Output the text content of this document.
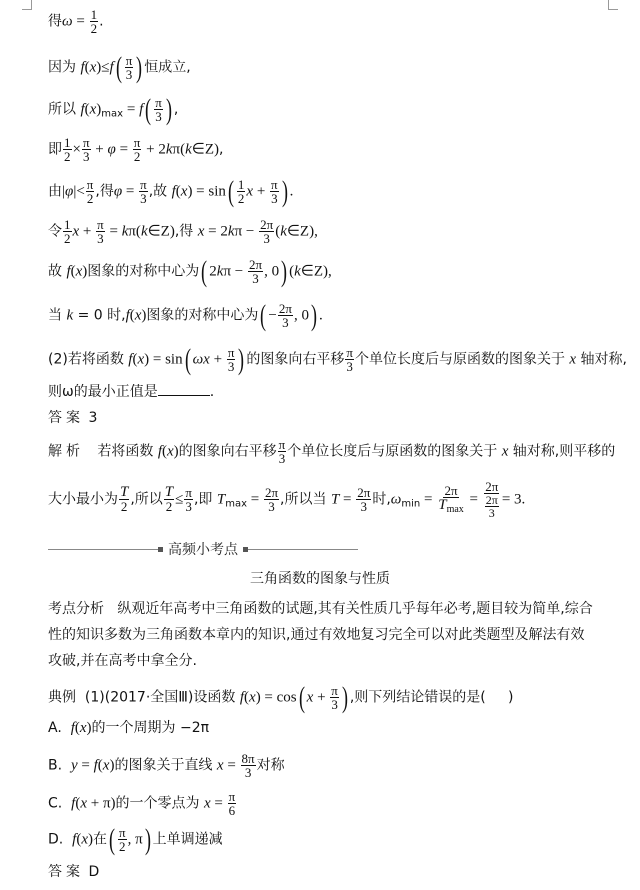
得$\omega = \frac{1}{2}$ .
因为 $f(x)\le f( \frac{\pi}{3}$ ) 恒成立,
所以 $f(x)_{max} = f( \frac{\pi}{3}$ ) ,
即 $\frac{1}{2} \times \frac{\pi}{3} + \varphi = \frac{\pi}{2}$ + 2kπ(k∈Z),
由$|\varphi|< \frac{\pi}{2}$ ,得$\varphi = \frac{\pi}{3}$ ,故 $f(x) = \sin( \frac{1}{2}$ $x + \frac{\pi}{3}$ ) .
令 $\frac{1}{2}$ $x + \frac{\pi}{3}$ = kπ(k∈Z),得 $x = 2k\pi - \frac{2\pi}{3}$ (k∈Z),
故 f(x)图象的对称中心为( $2k\pi - \frac{2\pi}{3}$ , 0) (k∈Z),
当 k = 0 时,f(x)图象的对称中心为( − $\frac{2\pi}{3}$ , 0) .
(2)若将函数 f(x) = sin( $\omega x + \frac{\pi}{3}$ ) 的图象向右平移 $\frac{\pi}{3}$ 个单位长度后与原函数的图象关于 x 轴对称,
则ω的最小正值是	.
答案 3
解析 若将函数 f(x)的图象向右平移 $\frac{\pi}{3}$ 个单位长度后与原函数的图象关于 x 轴对称,则平移的
大小最小为 $\frac{T}{2}$ ,所以 $\frac{T}{2} \le \frac{\pi}{3}$ ,即 $T_{max} = \frac{2\pi}{3}$ ,所以当 $T = \frac{2\pi}{3}$ 时$,\omega_{min} = \frac{2\pi}{T_{max}} = \frac{2\pi}{\frac{2\pi}{3}} = 3$.
高频小考点
三角函数的图象与性质
考点分析 纵观近年高考中三角函数的试题,其有关性质几乎每年必考,题目较为简单,综合性的知识多数为三角函数本章内的知识,通过有效地复习完全可以对此类题型及解法有效攻破,并在高考中拿全分.
典例 (1)(2017·全国Ⅲ)设函数 f(x) = cos( $x + \frac{\pi}{3}$ ) ,则下列结论错误的是( )
A. f(x)的一个周期为 −2π
B. y = f(x)的图象关于直线 $x = \frac{8\pi}{3}$ 对称
C. f(x + π)的一个零点为 $x = \frac{\pi}{6}$
D. f(x)在( $\frac{\pi}{2}$ , π) 上单调递减
答案 D
